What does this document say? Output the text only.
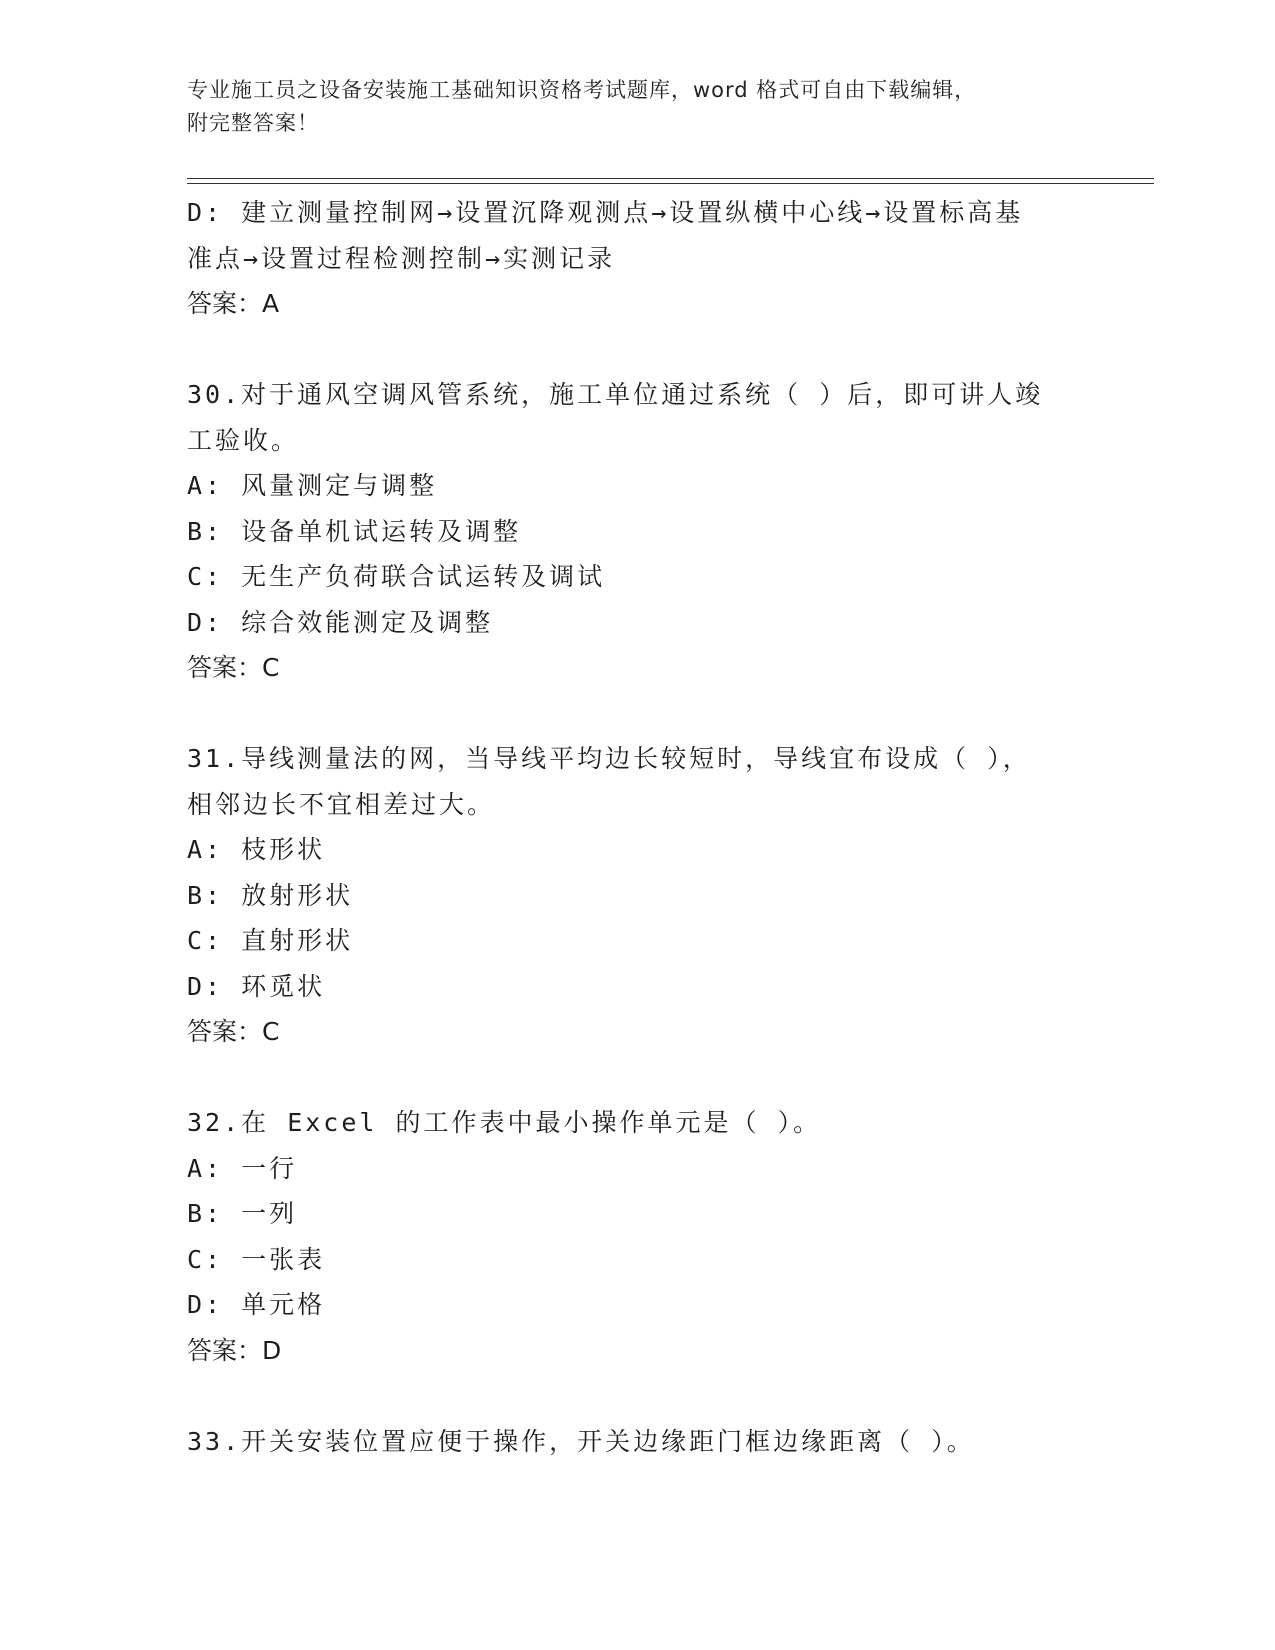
专业施工员之设备安装施工基础知识资格考试题库，word 格式可自由下载编辑，
附完整答案！
D: 建立测量控制网→设置沉降观测点→设置纵横中心线→设置标高基
准点→设置过程检测控制→实测记录
答案：A
30.对于通风空调风管系统，施工单位通过系统（ ）后，即可讲人竣
工验收。
A: 风量测定与调整
B: 设备单机试运转及调整
C: 无生产负荷联合试运转及调试
D: 综合效能测定及调整
答案：C
31.导线测量法的网，当导线平均边长较短时，导线宜布设成（ ），
相邻边长不宜相差过大。
A: 枝形状
B: 放射形状
C: 直射形状
D: 环觅状
答案：C
32.在 Excel 的工作表中最小操作单元是（ ）。
A: 一行
B: 一列
C: 一张表
D: 单元格
答案：D
33.开关安装位置应便于操作，开关边缘距门框边缘距离（ ）。
